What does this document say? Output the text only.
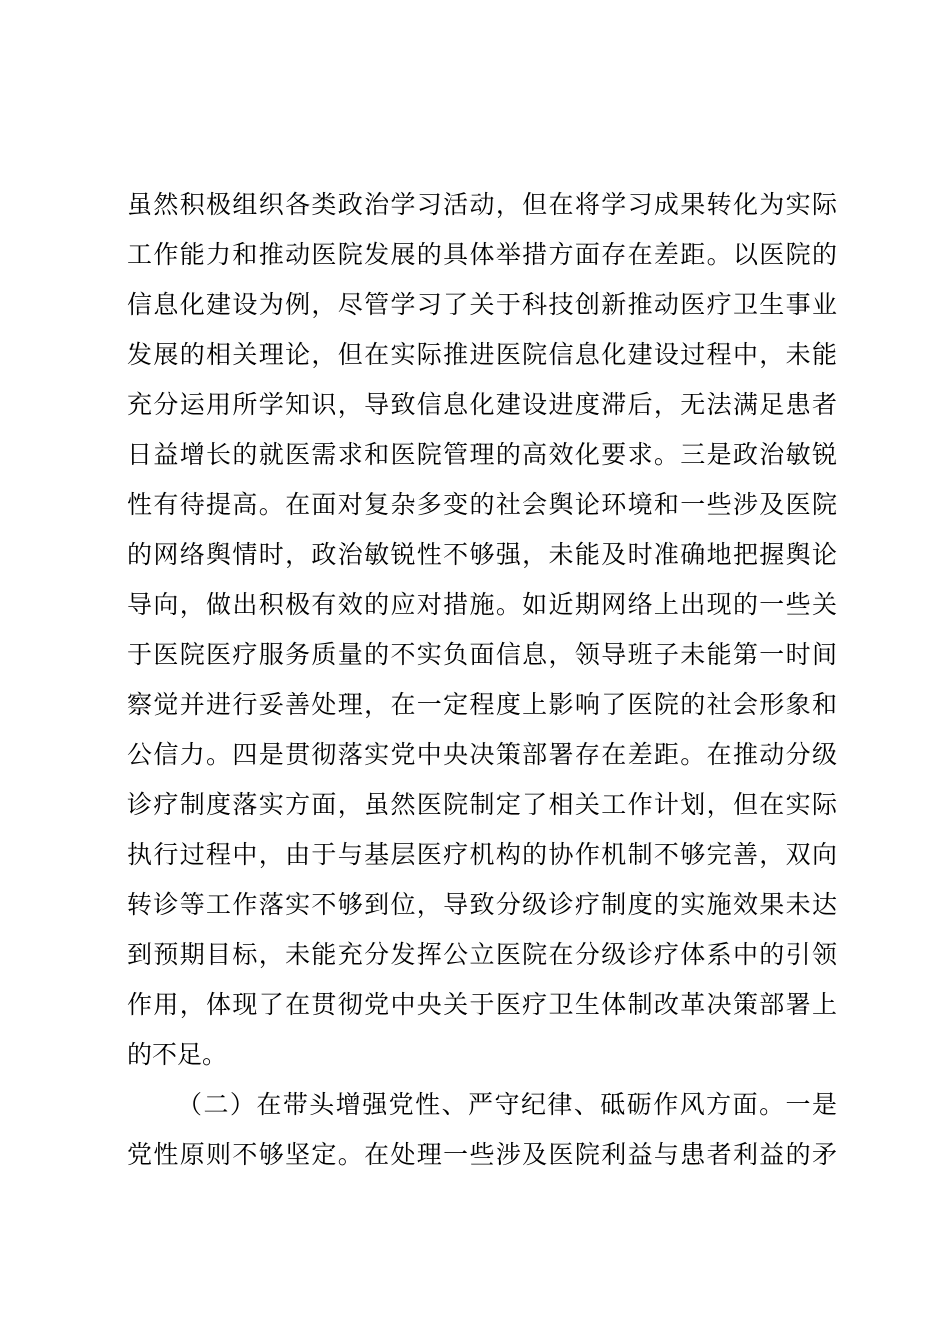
虽然积极组织各类政治学习活动，但在将学习成果转化为实际
工作能力和推动医院发展的具体举措方面存在差距。以医院的
信息化建设为例，尽管学习了关于科技创新推动医疗卫生事业
发展的相关理论，但在实际推进医院信息化建设过程中，未能
充分运用所学知识，导致信息化建设进度滞后，无法满足患者
日益增长的就医需求和医院管理的高效化要求。三是政治敏锐
性有待提高。在面对复杂多变的社会舆论环境和一些涉及医院
的网络舆情时，政治敏锐性不够强，未能及时准确地把握舆论
导向，做出积极有效的应对措施。如近期网络上出现的一些关
于医院医疗服务质量的不实负面信息，领导班子未能第一时间
察觉并进行妥善处理，在一定程度上影响了医院的社会形象和
公信力。四是贯彻落实党中央决策部署存在差距。在推动分级
诊疗制度落实方面，虽然医院制定了相关工作计划，但在实际
执行过程中，由于与基层医疗机构的协作机制不够完善，双向
转诊等工作落实不够到位，导致分级诊疗制度的实施效果未达
到预期目标，未能充分发挥公立医院在分级诊疗体系中的引领
作用，体现了在贯彻党中央关于医疗卫生体制改革决策部署上
的不足。
（二）在带头增强党性、严守纪律、砥砺作风方面。一是
党性原则不够坚定。在处理一些涉及医院利益与患者利益的矛
